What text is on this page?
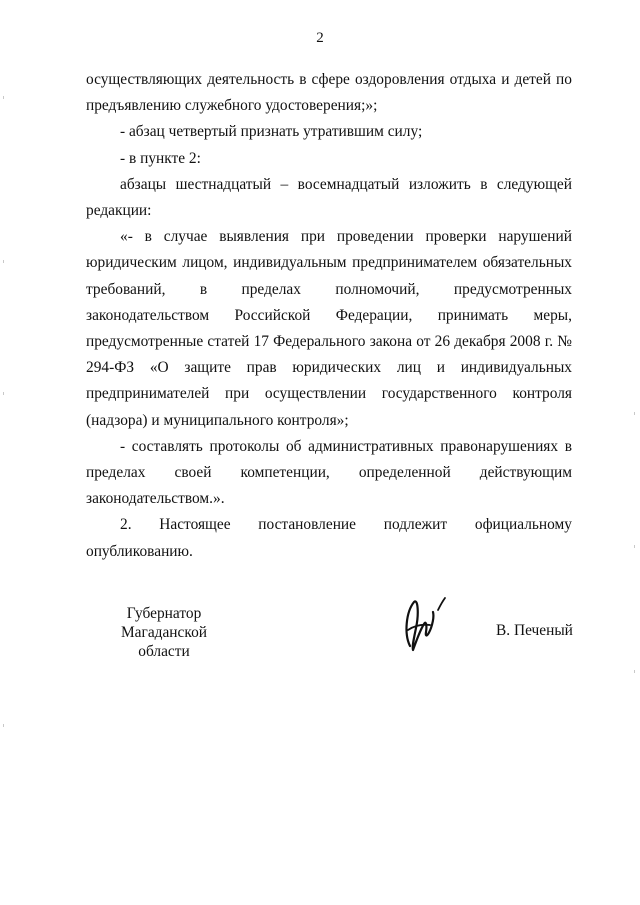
2

осуществляющих деятельность в сфере оздоровления отдыха и детей по предъявлению служебного удостоверения;»;

- абзац четвертый признать утратившим силу;

- в пункте 2:

абзацы шестнадцатый – восемнадцатый изложить в следующей редакции:

«- в случае выявления при проведении проверки нарушений юридическим лицом, индивидуальным предпринимателем обязательных требований, в пределах полномочий, предусмотренных законодательством Российской Федерации, принимать меры, предусмотренные статей 17 Федерального закона от 26 декабря 2008 г. № 294-ФЗ «О защите прав юридических лиц и индивидуальных предпринимателей при осуществлении государственного контроля (надзора) и муниципального контроля»;

- составлять протоколы об административных правонарушениях в пределах своей компетенции, определенной действующим законодательством.».

2. Настоящее постановление подлежит официальному опубликованию.

Губернатор
Магаданской области
В. Печеный
